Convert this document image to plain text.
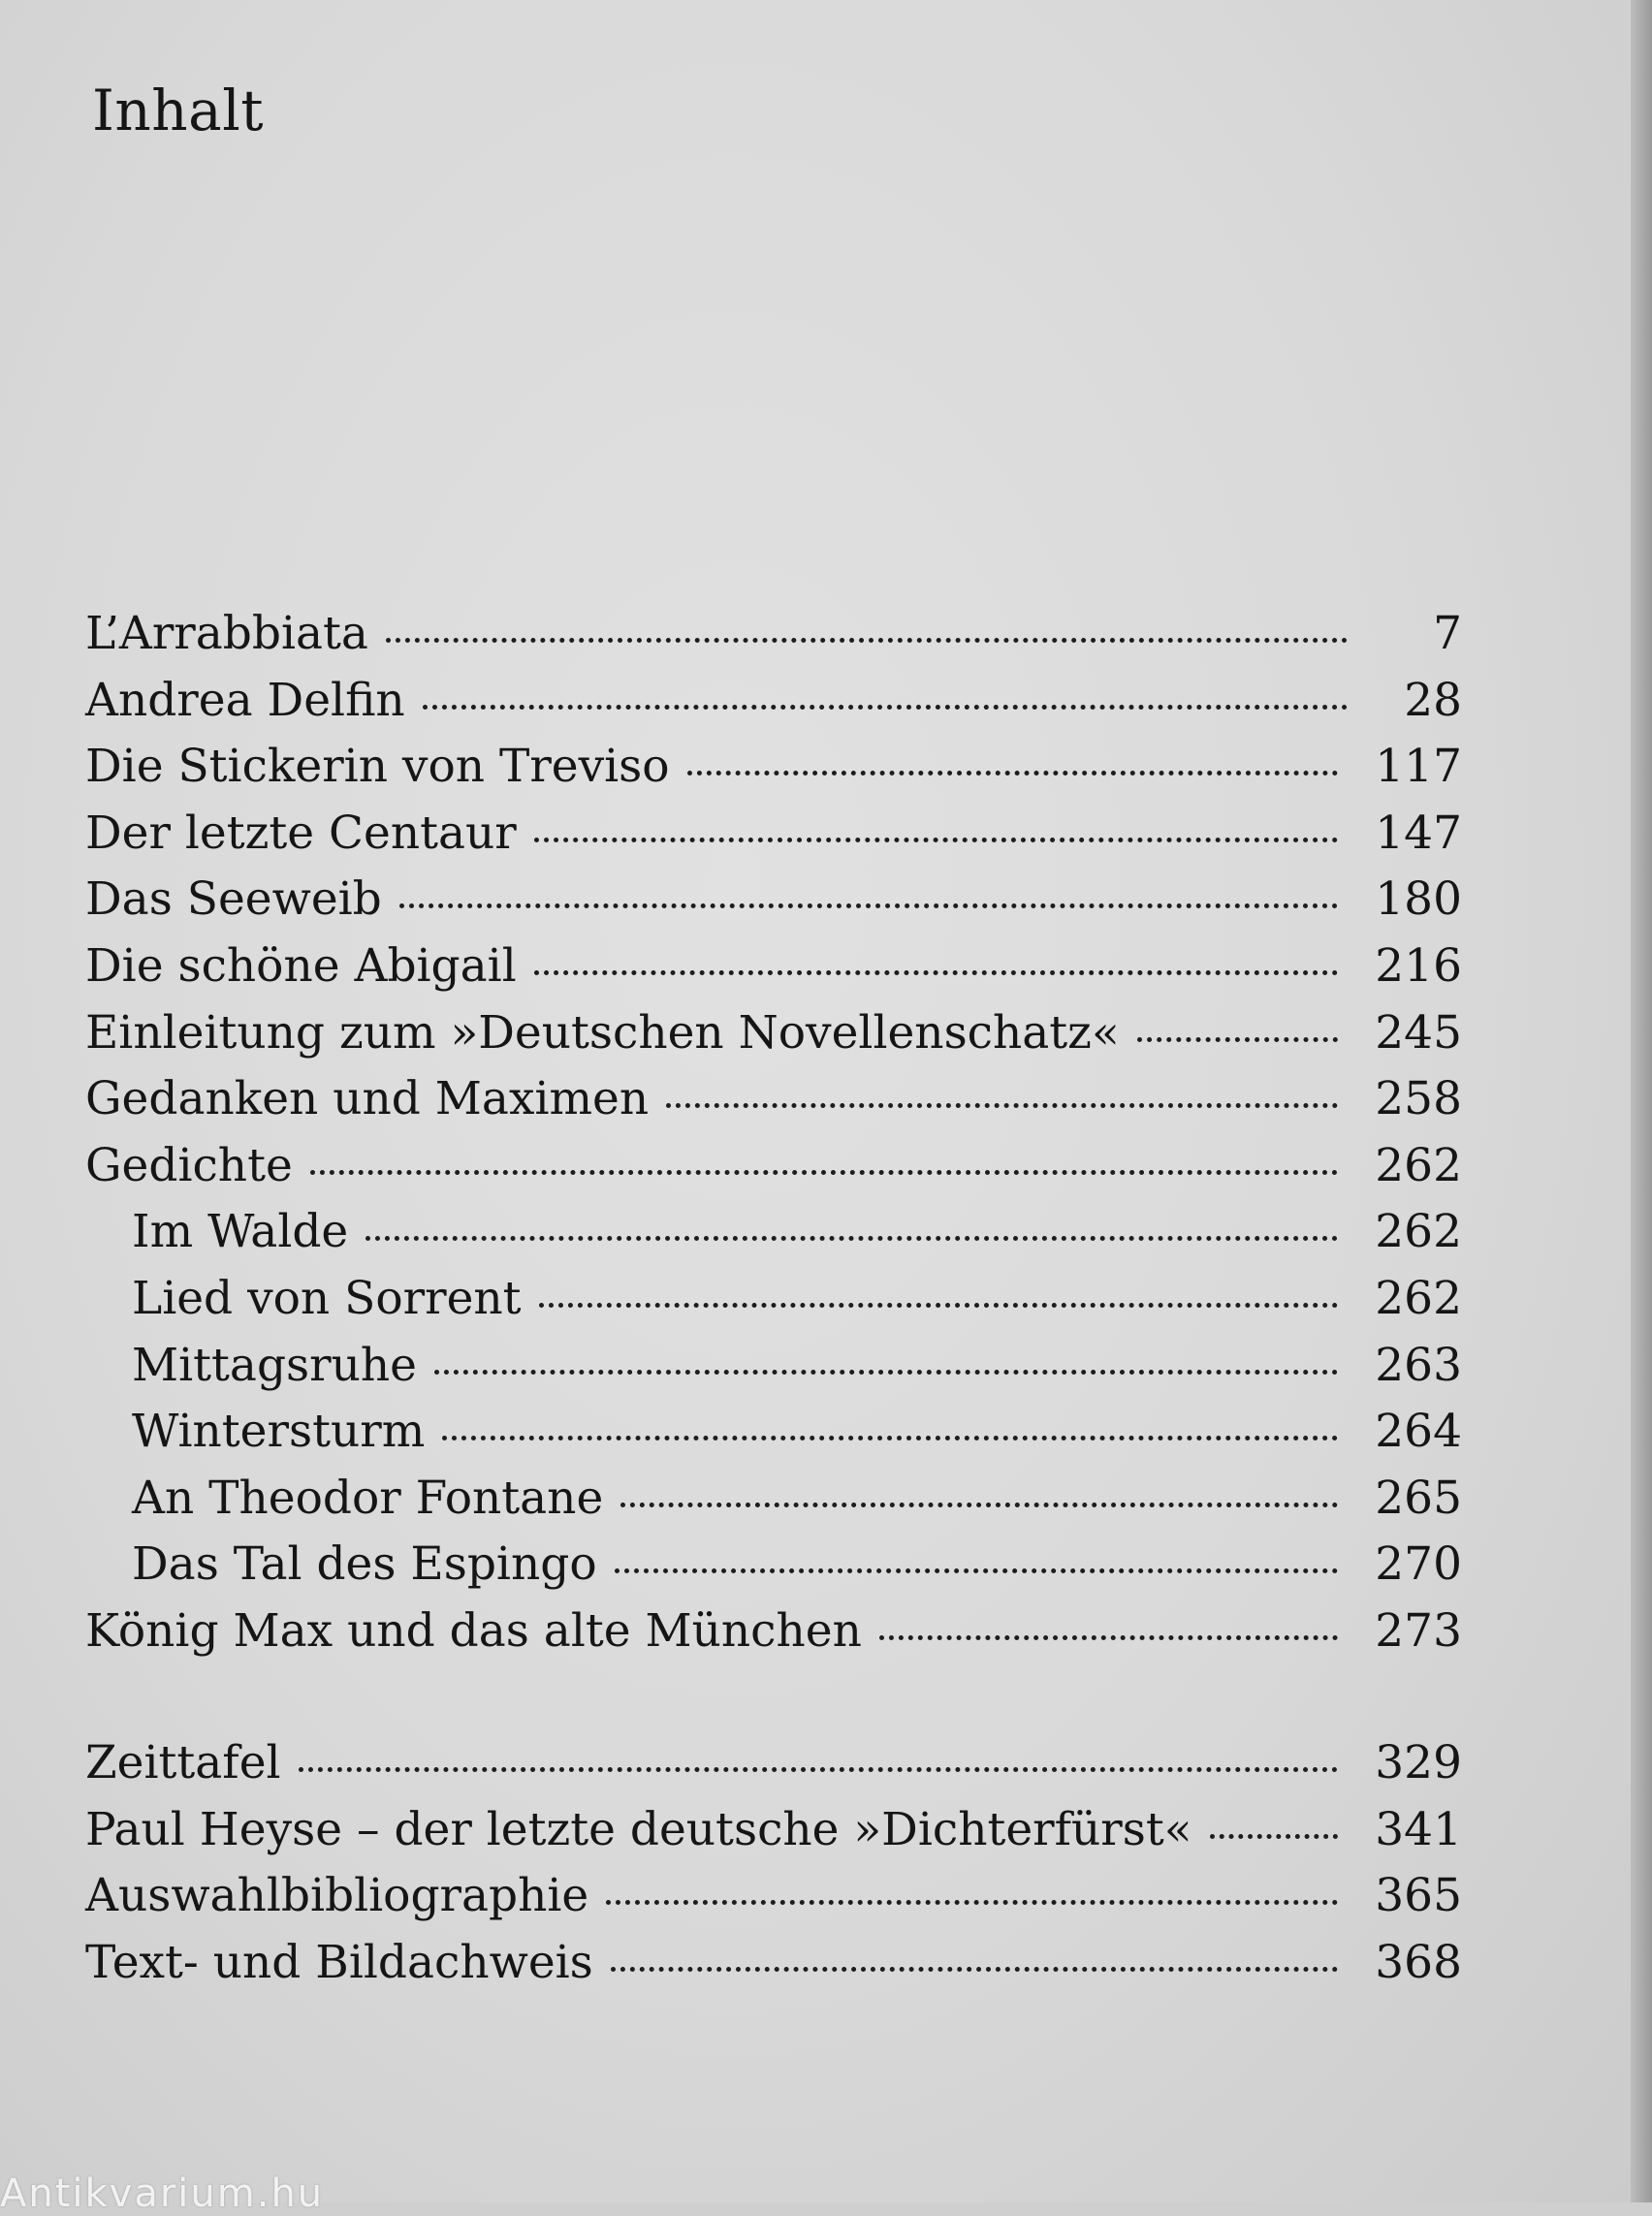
Inhalt
L’Arrabbiata	7
Andrea Delfin	28
Die Stickerin von Treviso	117
Der letzte Centaur	147
Das Seeweib	180
Die schöne Abigail	216
Einleitung zum »Deutschen Novellenschatz«	245
Gedanken und Maximen	258
Gedichte	262
Im Walde	262
Lied von Sorrent	262
Mittagsruhe	263
Wintersturm	264
An Theodor Fontane	265
Das Tal des Espingo	270
König Max und das alte München	273
Zeittafel	329
Paul Heyse – der letzte deutsche »Dichterfürst«	341
Auswahlbibliographie	365
Text- und Bildachweis	368
Antikvarium.hu
